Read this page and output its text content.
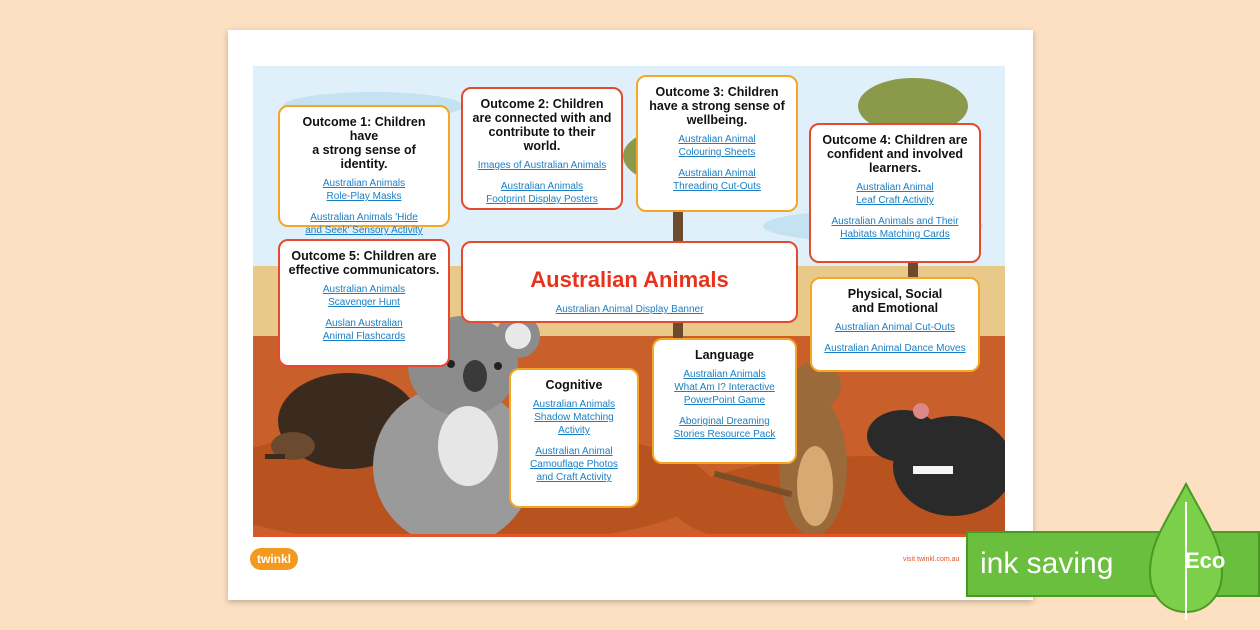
Outcome 1: Children have
a strong sense of identity.
Australian Animals
Role-Play Masks
Australian Animals 'Hide
and Seek' Sensory Activity
Outcome 2: Children
are connected with and
contribute to their world.
Images of Australian Animals
Australian Animals
Footprint Display Posters
Outcome 3: Children
have a strong sense of
wellbeing.
Australian Animal
Colouring Sheets
Australian Animal
Threading Cut-Outs
Outcome 4: Children are
confident and involved
learners.
Australian Animal
Leaf Craft Activity
Australian Animals and Their
Habitats Matching Cards
Outcome 5: Children are
effective communicators.
Australian Animals
Scavenger Hunt
Auslan Australian
Animal Flashcards
Australian Animals
Australian Animal Display Banner
Physical, Social
and Emotional
Australian Animal Cut-Outs
Australian Animal Dance Moves
Language
Australian Animals
What Am I? Interactive
PowerPoint Game
Aboriginal Dreaming
Stories Resource Pack
Cognitive
Australian Animals
Shadow Matching
Activity
Australian Animal
Camouflage Photos
and Craft Activity
twinkl	visit twinkl.com.au ink saving	Eco
